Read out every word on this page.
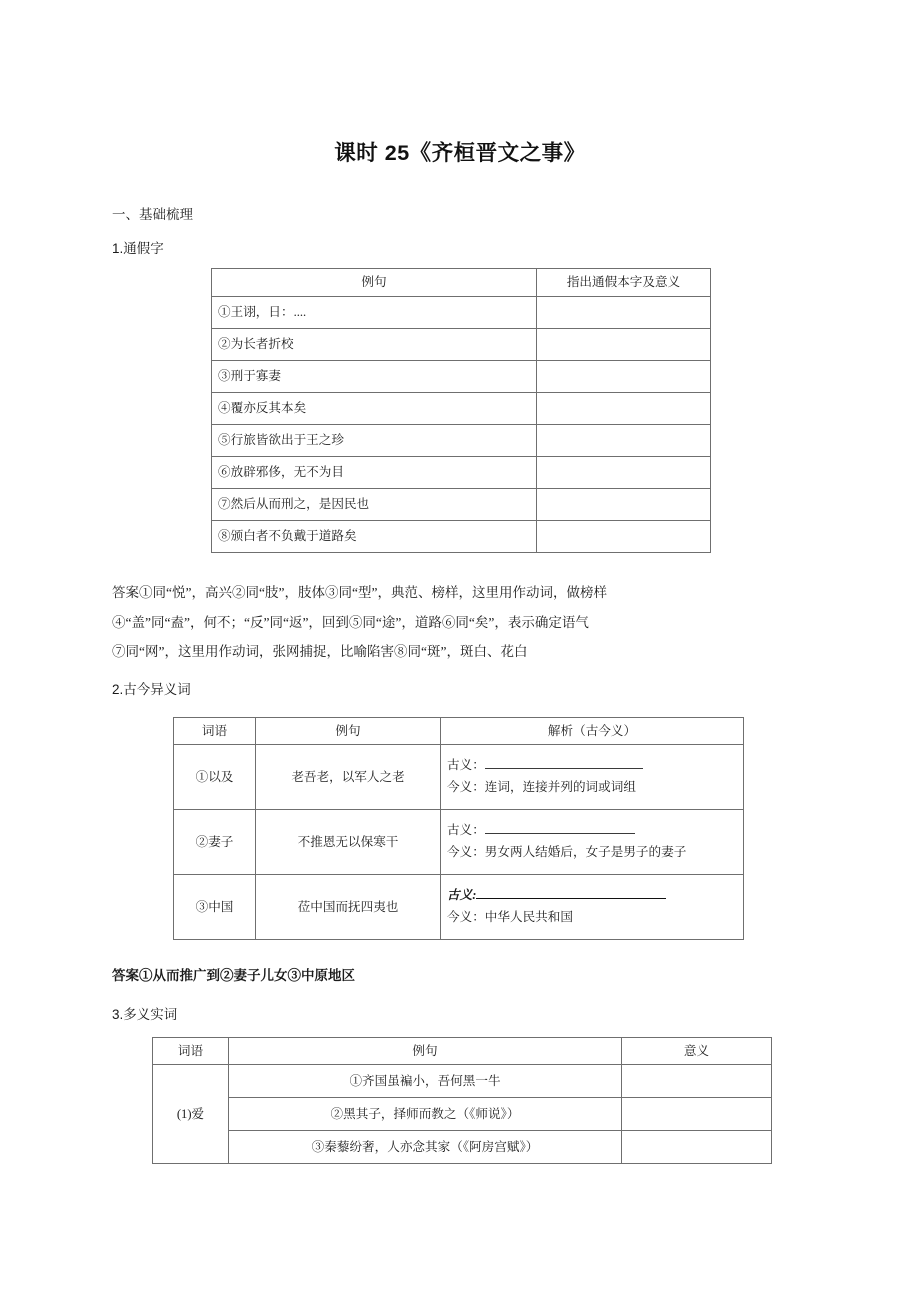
课时 25《齐桓晋文之事》
一、基础梳理
1.通假字
例句	指出通假本字及意义
①王诩，日：....	
②为长者折校	
③刑于寡妻	
④覆亦反其本矣	
⑤行旅皆欲出于王之珍	
⑥放辟邪侈，无不为目	
⑦然后从而刑之，是因民也	
⑧颁白者不负戴于道路矣	
答案①同“悦”，高兴②同“肢”，肢体③同“型”，典范、榜样，这里用作动词，做榜样
④“盖”同“盍”，何不；“反”同“返”，回到⑤同“途”，道路⑥同“矣”，表示确定语气
⑦同“网”，这里用作动词，张网捕捉，比喻陷害⑧同“斑”，斑白、花白
2.古今异义词
词语	例句	解析（古今义）
①以及	老吾老，以军人之老	古义：
今义：连词，连接并列的词或词组

②妻子	不推恩无以保寒干	古义：
今义：男女两人结婚后，女子是男子的妻子

③中国	莅中国而抚四夷也	古义:
今义：中华人民共和国
答案①从而推广到②妻子儿女③中原地区
3.多义实词
词语	例句	意义
(1)爱	①齐国虽褊小，吾何黑一牛	
	②黑其子，择师而教之（《师说》）	
	③秦藜纷奢，人亦念其家（《阿房宫赋》）	
